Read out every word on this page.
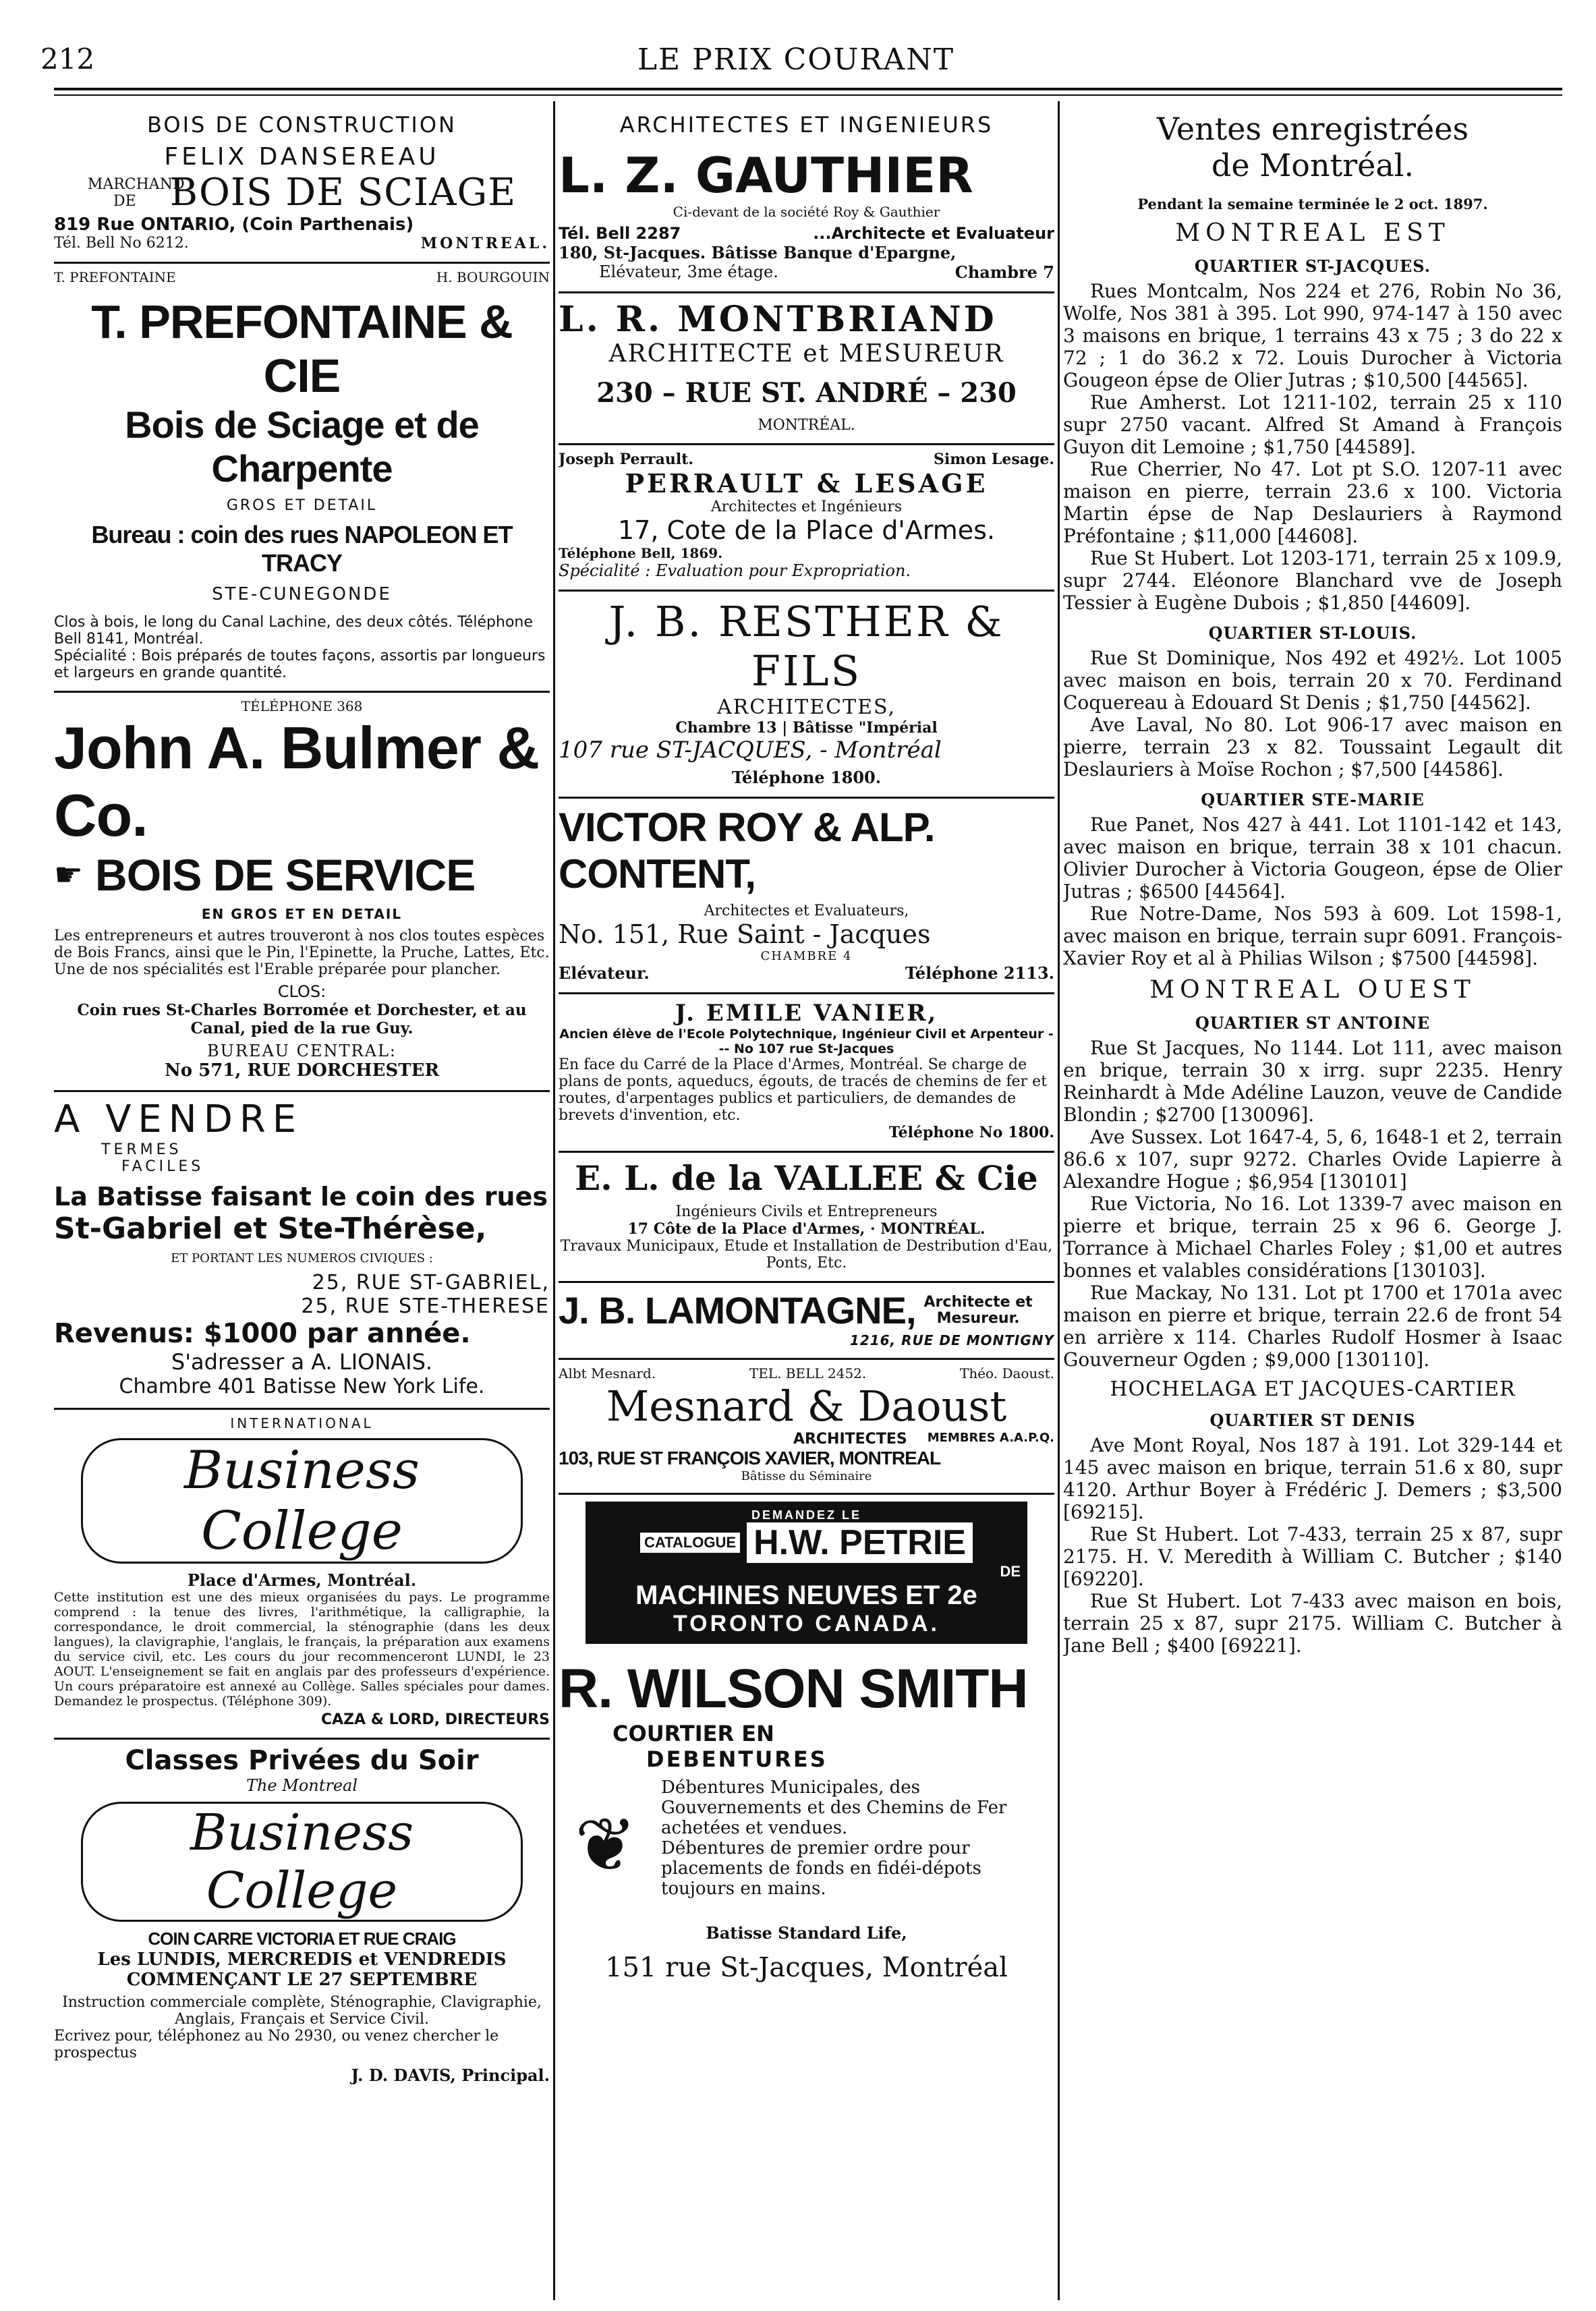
212	LE PRIX COURANT
BOIS DE CONSTRUCTION
FELIX DANSEREAU
MARCHAND DE BOIS DE SCIAGE
819 Rue ONTARIO, (Coin Parthenais)
Tél. Bell No 6212.	MONTREAL.
T. PREFONTAINE	H. BOURGOUIN
T. PREFONTAINE & CIE
Bois de Sciage et de Charpente
GROS ET DETAIL
Bureau : coin des rues NAPOLEON ET TRACY
STE-CUNEGONDE
Clos à bois, le long du Canal Lachine, des deux côtés. Téléphone Bell 8141, Montréal.
Spécialité : Bois préparés de toutes façons, assortis par longueurs et largeurs en grande quantité.
TÉLÉPHONE 368
John A. Bulmer & Co.
☛ BOIS DE SERVICE
EN GROS ET EN DETAIL
Les entrepreneurs et autres trouveront à nos clos toutes espèces de Bois Francs, ainsi que le Pin, l'Epinette, la Pruche, Lattes, Etc.
Une de nos spécialités est l'Erable préparée pour plancher.
CLOS:
Coin rues St-Charles Borromée et Dorchester, et au Canal, pied de la rue Guy.
BUREAU CENTRAL:
No 571, RUE DORCHESTER
A VENDRE
TERMES
FACILES
La Batisse faisant le coin des rues
St-Gabriel et Ste-Thérèse,
ET PORTANT LES NUMEROS CIVIQUES :
25, RUE ST-GABRIEL,
25, RUE STE-THERESE
Revenus: $1000 par année.
S'adresser a A. LIONAIS.
Chambre 401 Batisse New York Life.
INTERNATIONAL
Business College
Place d'Armes, Montréal.
Cette institution est une des mieux organisées du pays. Le programme comprend : la tenue des livres, l'arithmétique, la calligraphie, la correspondance, le droit commercial, la sténographie (dans les deux langues), la clavigraphie, l'anglais, le français, la préparation aux examens du service civil, etc. Les cours du jour recommenceront LUNDI, le 23 AOUT. L'enseignement se fait en anglais par des professeurs d'expérience. Un cours préparatoire est annexé au Collège. Salles spéciales pour dames. Demandez le prospectus. (Téléphone 309).
CAZA & LORD, DIRECTEURS
Classes Privées du Soir
The Montreal
Business College
COIN CARRE VICTORIA ET RUE CRAIG
Les LUNDIS, MERCREDIS et VENDREDIS
COMMENÇANT LE 27 SEPTEMBRE
Instruction commerciale complète, Sténographie, Clavigraphie, Anglais, Français et Service Civil.
Ecrivez pour, téléphonez au No 2930, ou venez chercher le prospectus
J. D. DAVIS, Principal.
ARCHITECTES ET INGENIEURS
L. Z. GAUTHIER
Ci-devant de la société Roy & Gauthier
Tél. Bell 2287	...Architecte et Evaluateur
180, St-Jacques. Bâtisse Banque d'Epargne,
Elévateur, 3me étage.	Chambre 7
L. R. MONTBRIAND
ARCHITECTE et MESUREUR
230 – RUE ST. ANDRÉ – 230
MONTRÉAL.
Joseph Perrault.	Simon Lesage.
PERRAULT & LESAGE
Architectes et Ingénieurs
17, Cote de la Place d'Armes.
Téléphone Bell, 1869.
Spécialité : Evaluation pour Expropriation.
J. B. RESTHER & FILS
ARCHITECTES,
Chambre 13 | Bâtisse "Impérial
107 rue ST-JACQUES, - Montréal
Téléphone 1800.
VICTOR ROY & ALP. CONTENT,
Architectes et Evaluateurs,
No. 151, Rue Saint - Jacques
CHAMBRE 4
Elévateur.	Téléphone 2113.
J. EMILE VANIER,
Ancien élève de l'Ecole Polytechnique, Ingénieur Civil et Arpenteur --- No 107 rue St-Jacques
En face du Carré de la Place d'Armes, Montréal. Se charge de plans de ponts, aqueducs, égouts, de tracés de chemins de fer et routes, d'arpentages publics et particuliers, de demandes de brevets d'invention, etc.
Téléphone No 1800.
E. L. de la VALLEE & Cie
Ingénieurs Civils et Entrepreneurs
17 Côte de la Place d'Armes, · MONTRÉAL.
Travaux Municipaux, Etude et Installation de Destribution d'Eau, Ponts, Etc.
J. B. LAMONTAGNE, Architecte et
Mesureur.
1216, RUE DE MONTIGNY
Albt Mesnard.	TEL. BELL 2452.	Théo. Daoust.
Mesnard & Daoust
ARCHITECTES MEMBRES A.A.P.Q.
103, RUE ST FRANÇOIS XAVIER, MONTREAL
Bâtisse du Séminaire
DEMANDEZ LE
CATALOGUE H.W. PETRIE
DE
MACHINES NEUVES ET 2e
TORONTO CANADA.
R. WILSON SMITH
COURTIER EN
DEBENTURES
❦
Débentures Municipales, des Gouvernements et des Chemins de Fer achetées et vendues.
Débentures de premier ordre pour placements de fonds en fidéi-dépots toujours en mains.
Batisse Standard Life,
151 rue St-Jacques, Montréal
Ventes enregistrées
de Montréal.
Pendant la semaine terminée le 2 oct. 1897.
MONTREAL EST
QUARTIER ST-JACQUES.
Rues Montcalm, Nos 224 et 276, Robin No 36, Wolfe, Nos 381 à 395. Lot 990, 974-147 à 150 avec 3 maisons en brique, 1 terrains 43 x 75 ; 3 do 22 x 72 ; 1 do 36.2 x 72. Louis Durocher à Victoria Gougeon épse de Olier Jutras ; $10,500 [44565].
Rue Amherst. Lot 1211-102, terrain 25 x 110 supr 2750 vacant. Alfred St Amand à François Guyon dit Lemoine ; $1,750 [44589].
Rue Cherrier, No 47. Lot pt S.O. 1207-11 avec maison en pierre, terrain 23.6 x 100. Victoria Martin épse de Nap Deslauriers à Raymond Préfontaine ; $11,000 [44608].
Rue St Hubert. Lot 1203-171, terrain 25 x 109.9, supr 2744. Eléonore Blanchard vve de Joseph Tessier à Eugène Dubois ; $1,850 [44609].
QUARTIER ST-LOUIS.
Rue St Dominique, Nos 492 et 492½. Lot 1005 avec maison en bois, terrain 20 x 70. Ferdinand Coquereau à Edouard St Denis ; $1,750 [44562].
Ave Laval, No 80. Lot 906-17 avec maison en pierre, terrain 23 x 82. Toussaint Legault dit Deslauriers à Moïse Rochon ; $7,500 [44586].
QUARTIER STE-MARIE
Rue Panet, Nos 427 à 441. Lot 1101-142 et 143, avec maison en brique, terrain 38 x 101 chacun. Olivier Durocher à Victoria Gougeon, épse de Olier Jutras ; $6500 [44564].
Rue Notre-Dame, Nos 593 à 609. Lot 1598-1, avec maison en brique, terrain supr 6091. François-Xavier Roy et al à Philias Wilson ; $7500 [44598].
MONTREAL OUEST
QUARTIER ST ANTOINE
Rue St Jacques, No 1144. Lot 111, avec maison en brique, terrain 30 x irrg. supr 2235. Henry Reinhardt à Mde Adéline Lauzon, veuve de Candide Blondin ; $2700 [130096].
Ave Sussex. Lot 1647-4, 5, 6, 1648-1 et 2, terrain 86.6 x 107, supr 9272. Charles Ovide Lapierre à Alexandre Hogue ; $6,954 [130101]
Rue Victoria, No 16. Lot 1339-7 avec maison en pierre et brique, terrain 25 x 96 6. George J. Torrance à Michael Charles Foley ; $1,00 et autres bonnes et valables considérations [130103].
Rue Mackay, No 131. Lot pt 1700 et 1701a avec maison en pierre et brique, terrain 22.6 de front 54 en arrière x 114. Charles Rudolf Hosmer à Isaac Gouverneur Ogden ; $9,000 [130110].
HOCHELAGA ET JACQUES-CARTIER
QUARTIER ST DENIS
Ave Mont Royal, Nos 187 à 191. Lot 329-144 et 145 avec maison en brique, terrain 51.6 x 80, supr 4120. Arthur Boyer à Frédéric J. Demers ; $3,500 [69215].
Rue St Hubert. Lot 7-433, terrain 25 x 87, supr 2175. H. V. Meredith à William C. Butcher ; $140 [69220].
Rue St Hubert. Lot 7-433 avec maison en bois, terrain 25 x 87, supr 2175. William C. Butcher à Jane Bell ; $400 [69221].
